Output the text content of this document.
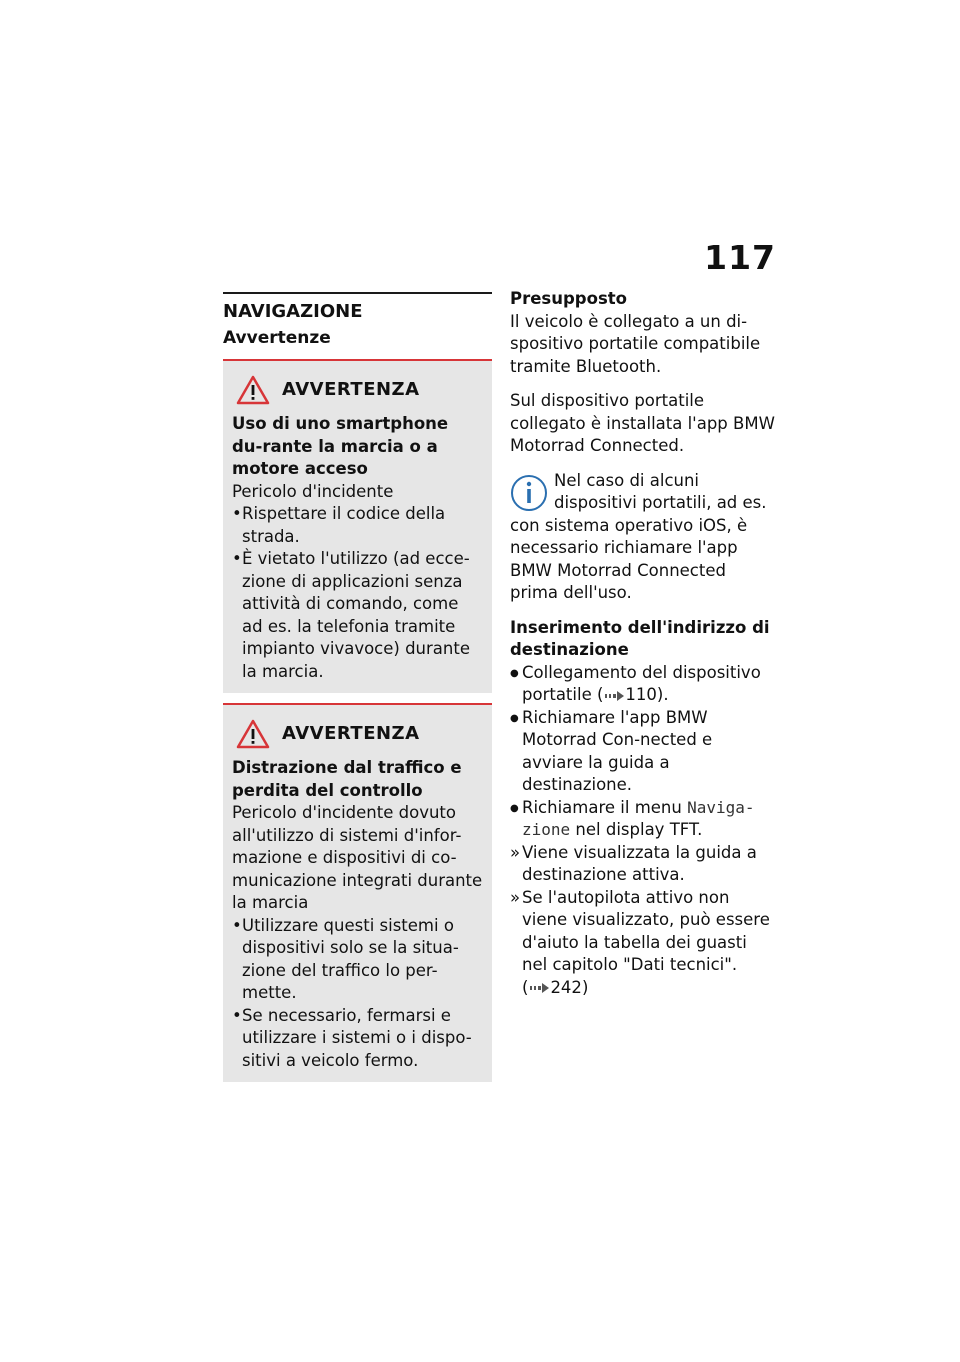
117
NAVIGAZIONE
Avvertenze
AVVERTENZA
Uso di uno smartphone du-rante la marcia o a motore acceso
Pericolo d'incidente
• Rispettare il codice della strada.
• È vietato l'utilizzo (ad ecce-zione di applicazioni senza attività di comando, come ad es. la telefonia tramite impianto vivavoce) durante la marcia.
AVVERTENZA
Distrazione dal traffico e perdita del controllo
Pericolo d'incidente dovuto all'utilizzo di sistemi d'infor-mazione e dispositivi di co-municazione integrati durante la marcia
• Utilizzare questi sistemi o dispositivi solo se la situa-zione del traffico lo per-mette.
• Se necessario, fermarsi e utilizzare i sistemi o i dispo-sitivi a veicolo fermo.
Presupposto

Il veicolo è collegato a un di-spositivo portatile compatibile tramite Bluetooth.

Sul dispositivo portatile collegato è installata l'app BMW Motorrad Connected.

Nel caso di alcuni dispositivi portatili, ad es. con sistema operativo iOS, è necessario richiamare l'app BMW Motorrad Connected prima dell'uso.
Inserimento dell'indirizzo di destinazione
● Collegamento del dispositivo portatile ( 110).
● Richiamare l'app BMW Motorrad Con-nected e avviare la guida a destinazione.
● Richiamare il menu Naviga-zione nel display TFT.
» Viene visualizzata la guida a destinazione attiva.
» Se l'autopilota attivo non viene visualizzato, può essere d'aiuto la tabella dei guasti nel capitolo "Dati tecnici".
( 242)
